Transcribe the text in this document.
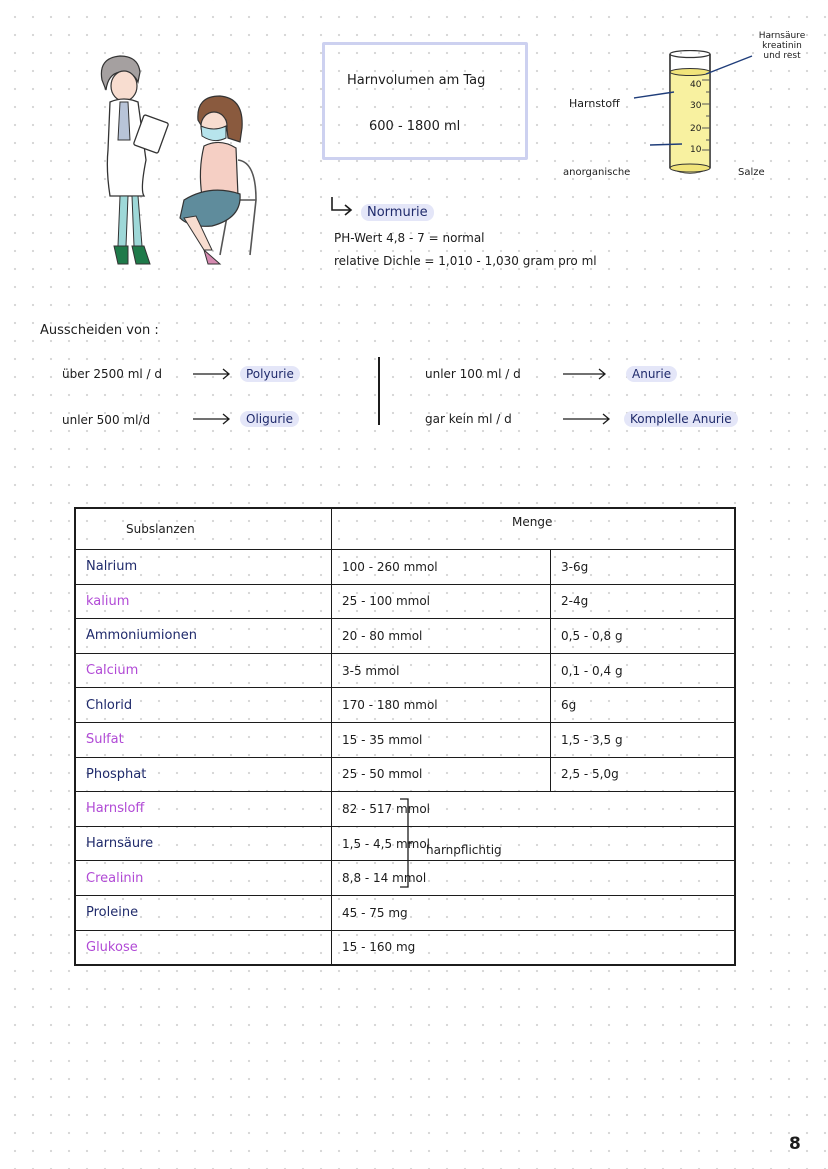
Harnvolumen am Tag
600 - 1800 ml
Normurie
PH-Wert 4,8 - 7 = normal
relative Dichle = 1,010 - 1,030 gram pro ml
40
30
20
10
Harnsäure
kreatinin
und rest
Harnstoff
anorganische	Salze
Ausscheiden von :
über 2500 ml / d	Polyurie
unler 500 ml/d	Oligurie
unler 100 ml / d	Anurie
gar kein ml / d	Komplelle Anurie
Subslanzen	Menge	
Nalrium	100 - 260 mmol	3-6g
kalium	25 - 100 mmol	2-4g
Ammoniumionen	20 - 80 mmol	0,5 - 0,8 g
Calcium	3-5 mmol	0,1 - 0,4 g
Chlorid	170 - 180 mmol	6g
Sulfat	15 - 35 mmol	1,5 - 3,5 g
Phosphat	25 - 50 mmol	2,5 - 5,0g
Harnsloff	82 - 517 mmol	
Harnsäure	1,5 - 4,5 mmol	
Crealinin	8,8 - 14 mmol	
Proleine	45 - 75 mg	
Glukose	15 - 160 mg	
harnpflichtig
8
